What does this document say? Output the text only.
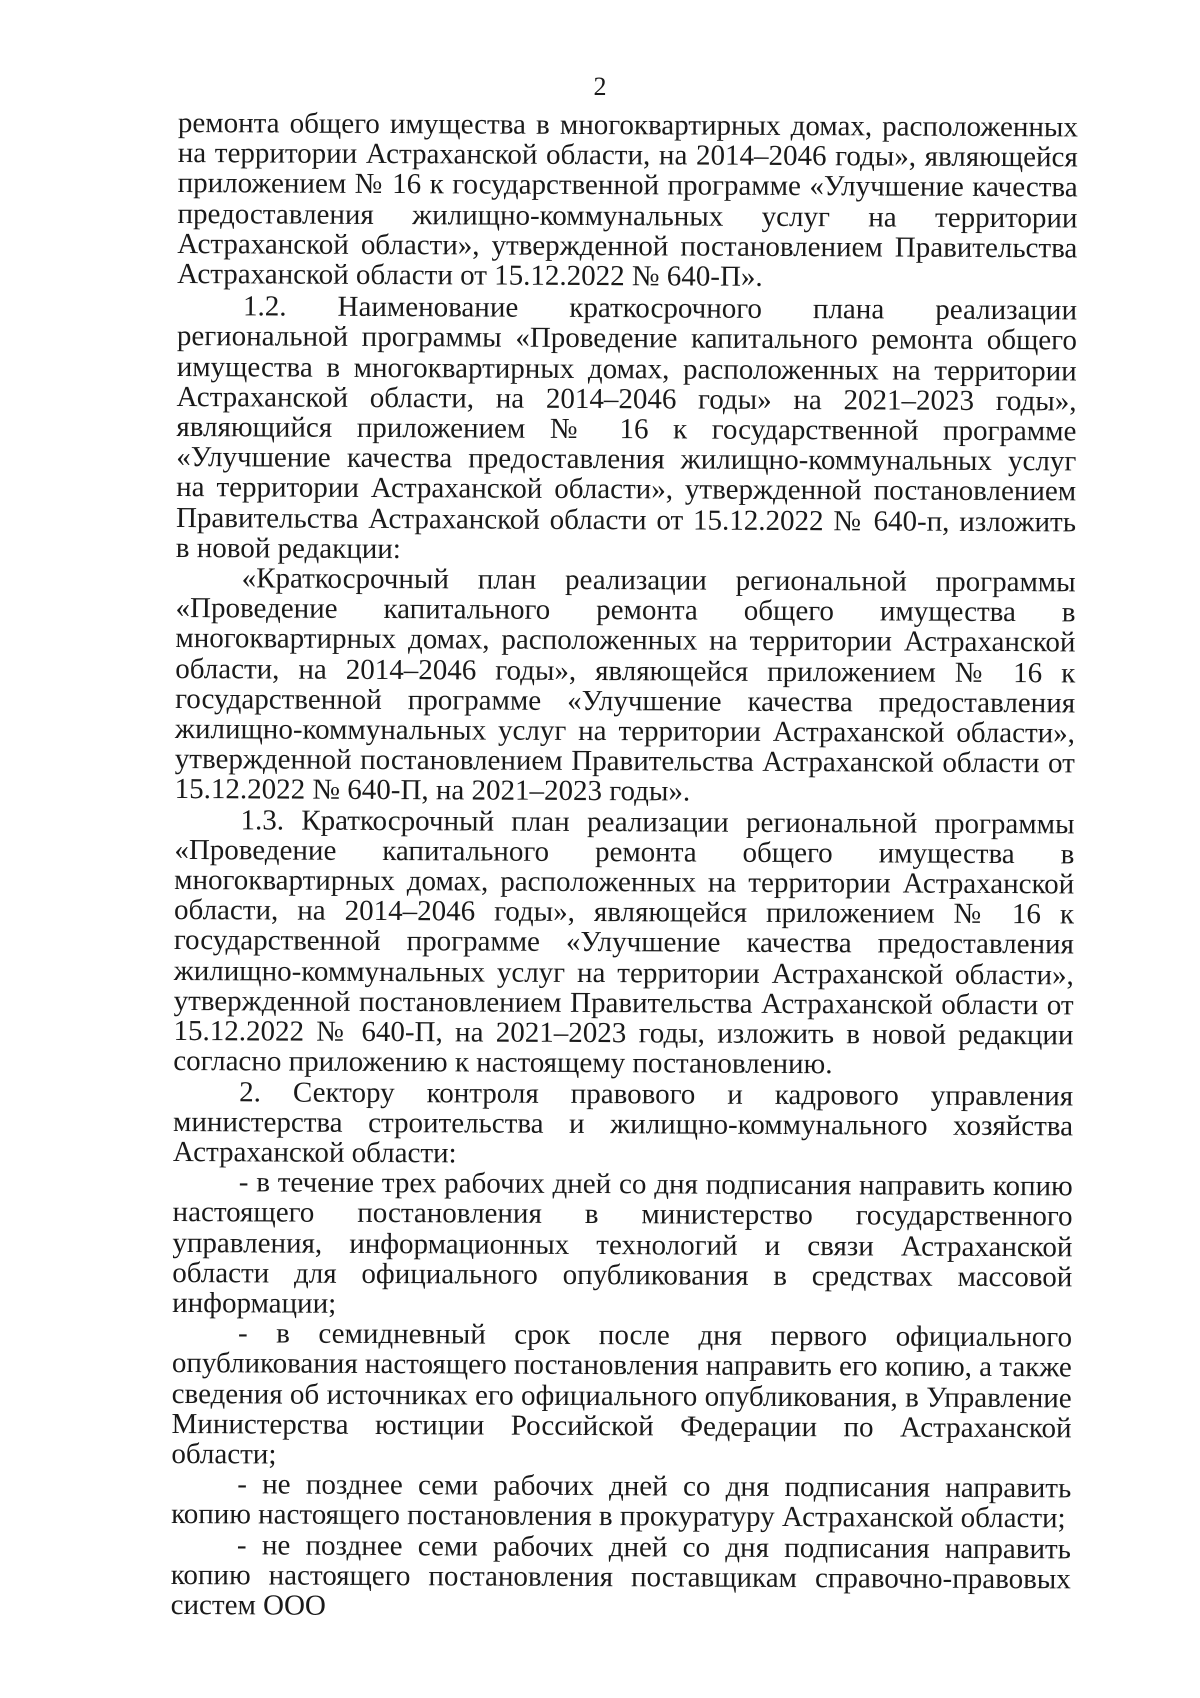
2

ремонта общего имущества в многоквартирных домах, расположенных на территории Астраханской области, на 2014–2046 годы», являющейся приложением № 16 к государственной программе «Улучшение качества предоставления жилищно-коммунальных услуг на территории Астраханской области», утвержденной постановлением Правительства Астраханской области от 15.12.2022 № 640-П».

1.2. Наименование краткосрочного плана реализации региональной программы «Проведение капитального ремонта общего имущества в многоквартирных домах, расположенных на территории Астраханской области, на 2014–2046 годы» на 2021–2023 годы», являющийся приложением № 16 к государственной программе «Улучшение качества предоставления жилищно-коммунальных услуг на территории Астраханской области», утвержденной постановлением Правительства Астраханской области от 15.12.2022 № 640-п, изложить в новой редакции:

«Краткосрочный план реализации региональной программы «Проведение капитального ремонта общего имущества в многоквартирных домах, расположенных на территории Астраханской области, на 2014–2046 годы», являющейся приложением № 16 к государственной программе «Улучшение качества предоставления жилищно-коммунальных услуг на территории Астраханской области», утвержденной постановлением Правительства Астраханской области от 15.12.2022 № 640-П, на 2021–2023 годы».

1.3. Краткосрочный план реализации региональной программы «Проведение капитального ремонта общего имущества в многоквартирных домах, расположенных на территории Астраханской области, на 2014–2046 годы», являющейся приложением № 16 к государственной программе «Улучшение качества предоставления жилищно-коммунальных услуг на территории Астраханской области», утвержденной постановлением Правительства Астраханской области от 15.12.2022 № 640-П, на 2021–2023 годы, изложить в новой редакции согласно приложению к настоящему постановлению.

2. Сектору контроля правового и кадрового управления министерства строительства и жилищно-коммунального хозяйства Астраханской области:

- в течение трех рабочих дней со дня подписания направить копию настоящего постановления в министерство государственного управления, информационных технологий и связи Астраханской области для официального опубликования в средствах массовой информации;

- в семидневный срок после дня первого официального опубликования настоящего постановления направить его копию, а также сведения об источниках его официального опубликования, в Управление Министерства юстиции Российской Федерации по Астраханской области;

- не позднее семи рабочих дней со дня подписания направить копию настоящего постановления в прокуратуру Астраханской области;

- не позднее семи рабочих дней со дня подписания направить копию настоящего постановления поставщикам справочно-правовых систем ООО
